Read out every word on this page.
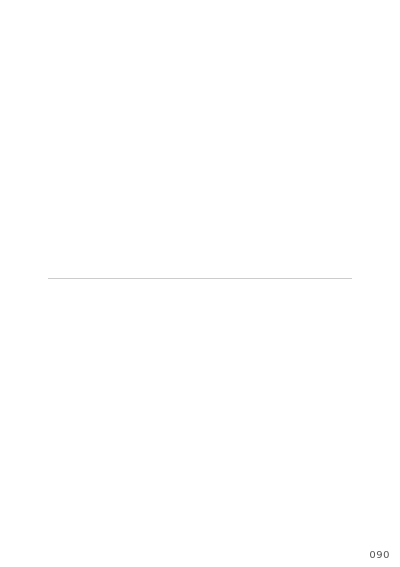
090
